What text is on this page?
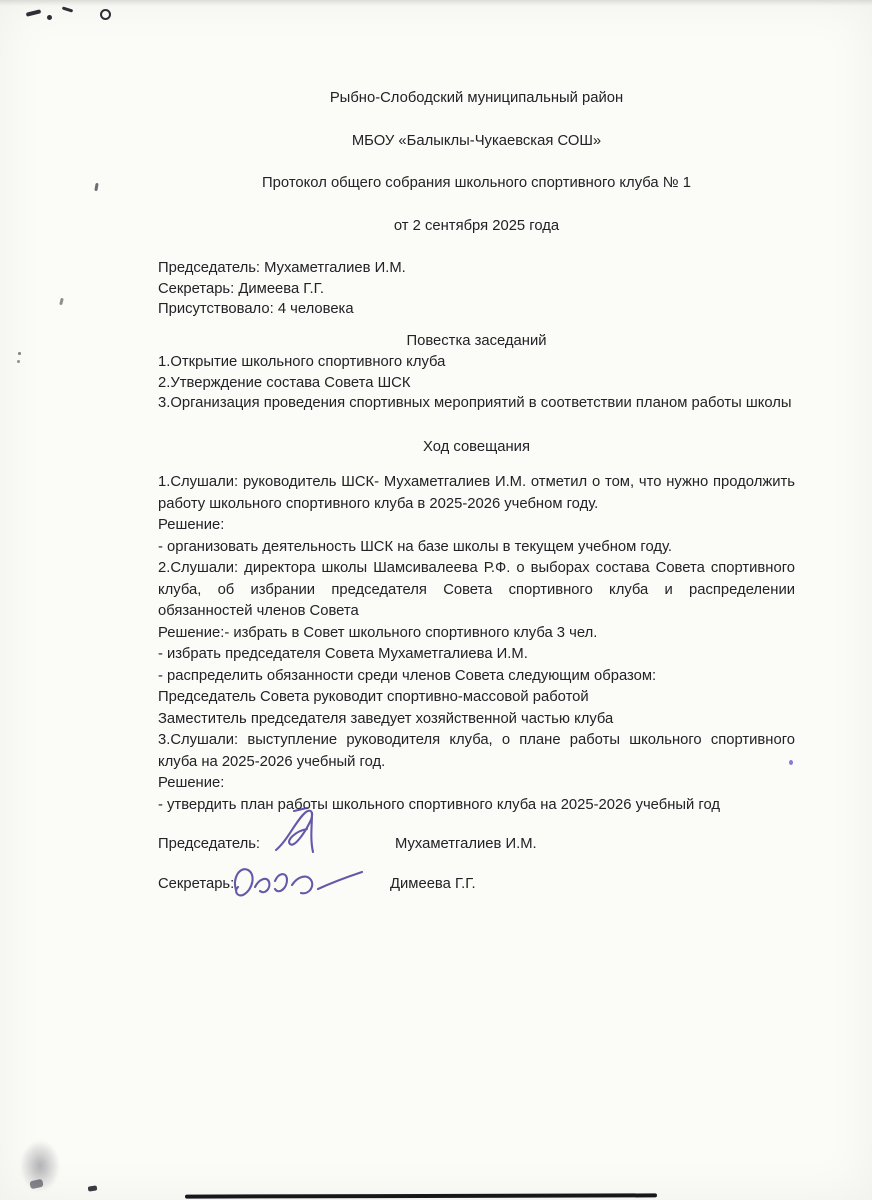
Рыбно-Слободский муниципальный район
МБОУ «Балыклы-Чукаевская СОШ»
Протокол общего собрания школьного спортивного клуба № 1
от 2 сентября 2025 года
Председатель: Мухаметгалиев И.М.
Секретарь: Димеева Г.Г.
Присутствовало: 4 человека
Повестка заседаний
1.Открытие школьного спортивного клуба
2.Утверждение состава Совета ШСК
3.Организация проведения спортивных мероприятий в соответствии планом работы школы
Ход совещания

1.Слушали: руководитель ШСК- Мухаметгалиев И.М. отметил о том, что нужно продолжить работу школьного спортивного клуба в 2025-2026 учебном году.

Решение:

- организовать деятельность ШСК на базе школы в текущем учебном году.

2.Слушали: директора школы Шамсивалеева Р.Ф. о выборах состава Совета спортивного клуба, об избрании председателя Совета спортивного клуба и распределении обязанностей членов Совета

Решение:- избрать в Совет школьного спортивного клуба 3 чел.

- избрать председателя Совета Мухаметгалиева И.М.

- распределить обязанности среди членов Совета следующим образом:

Председатель Совета руководит спортивно-массовой работой

Заместитель председателя заведует хозяйственной частью клуба

3.Слушали: выступление руководителя клуба, о плане работы школьного спортивного клуба на 2025-2026 учебный год.

Решение:

- утвердить план работы школьного спортивного клуба на 2025-2026 учебный год

Председатель:	Мухаметгалиев И.М.
Секретарь:	Димеева Г.Г.
